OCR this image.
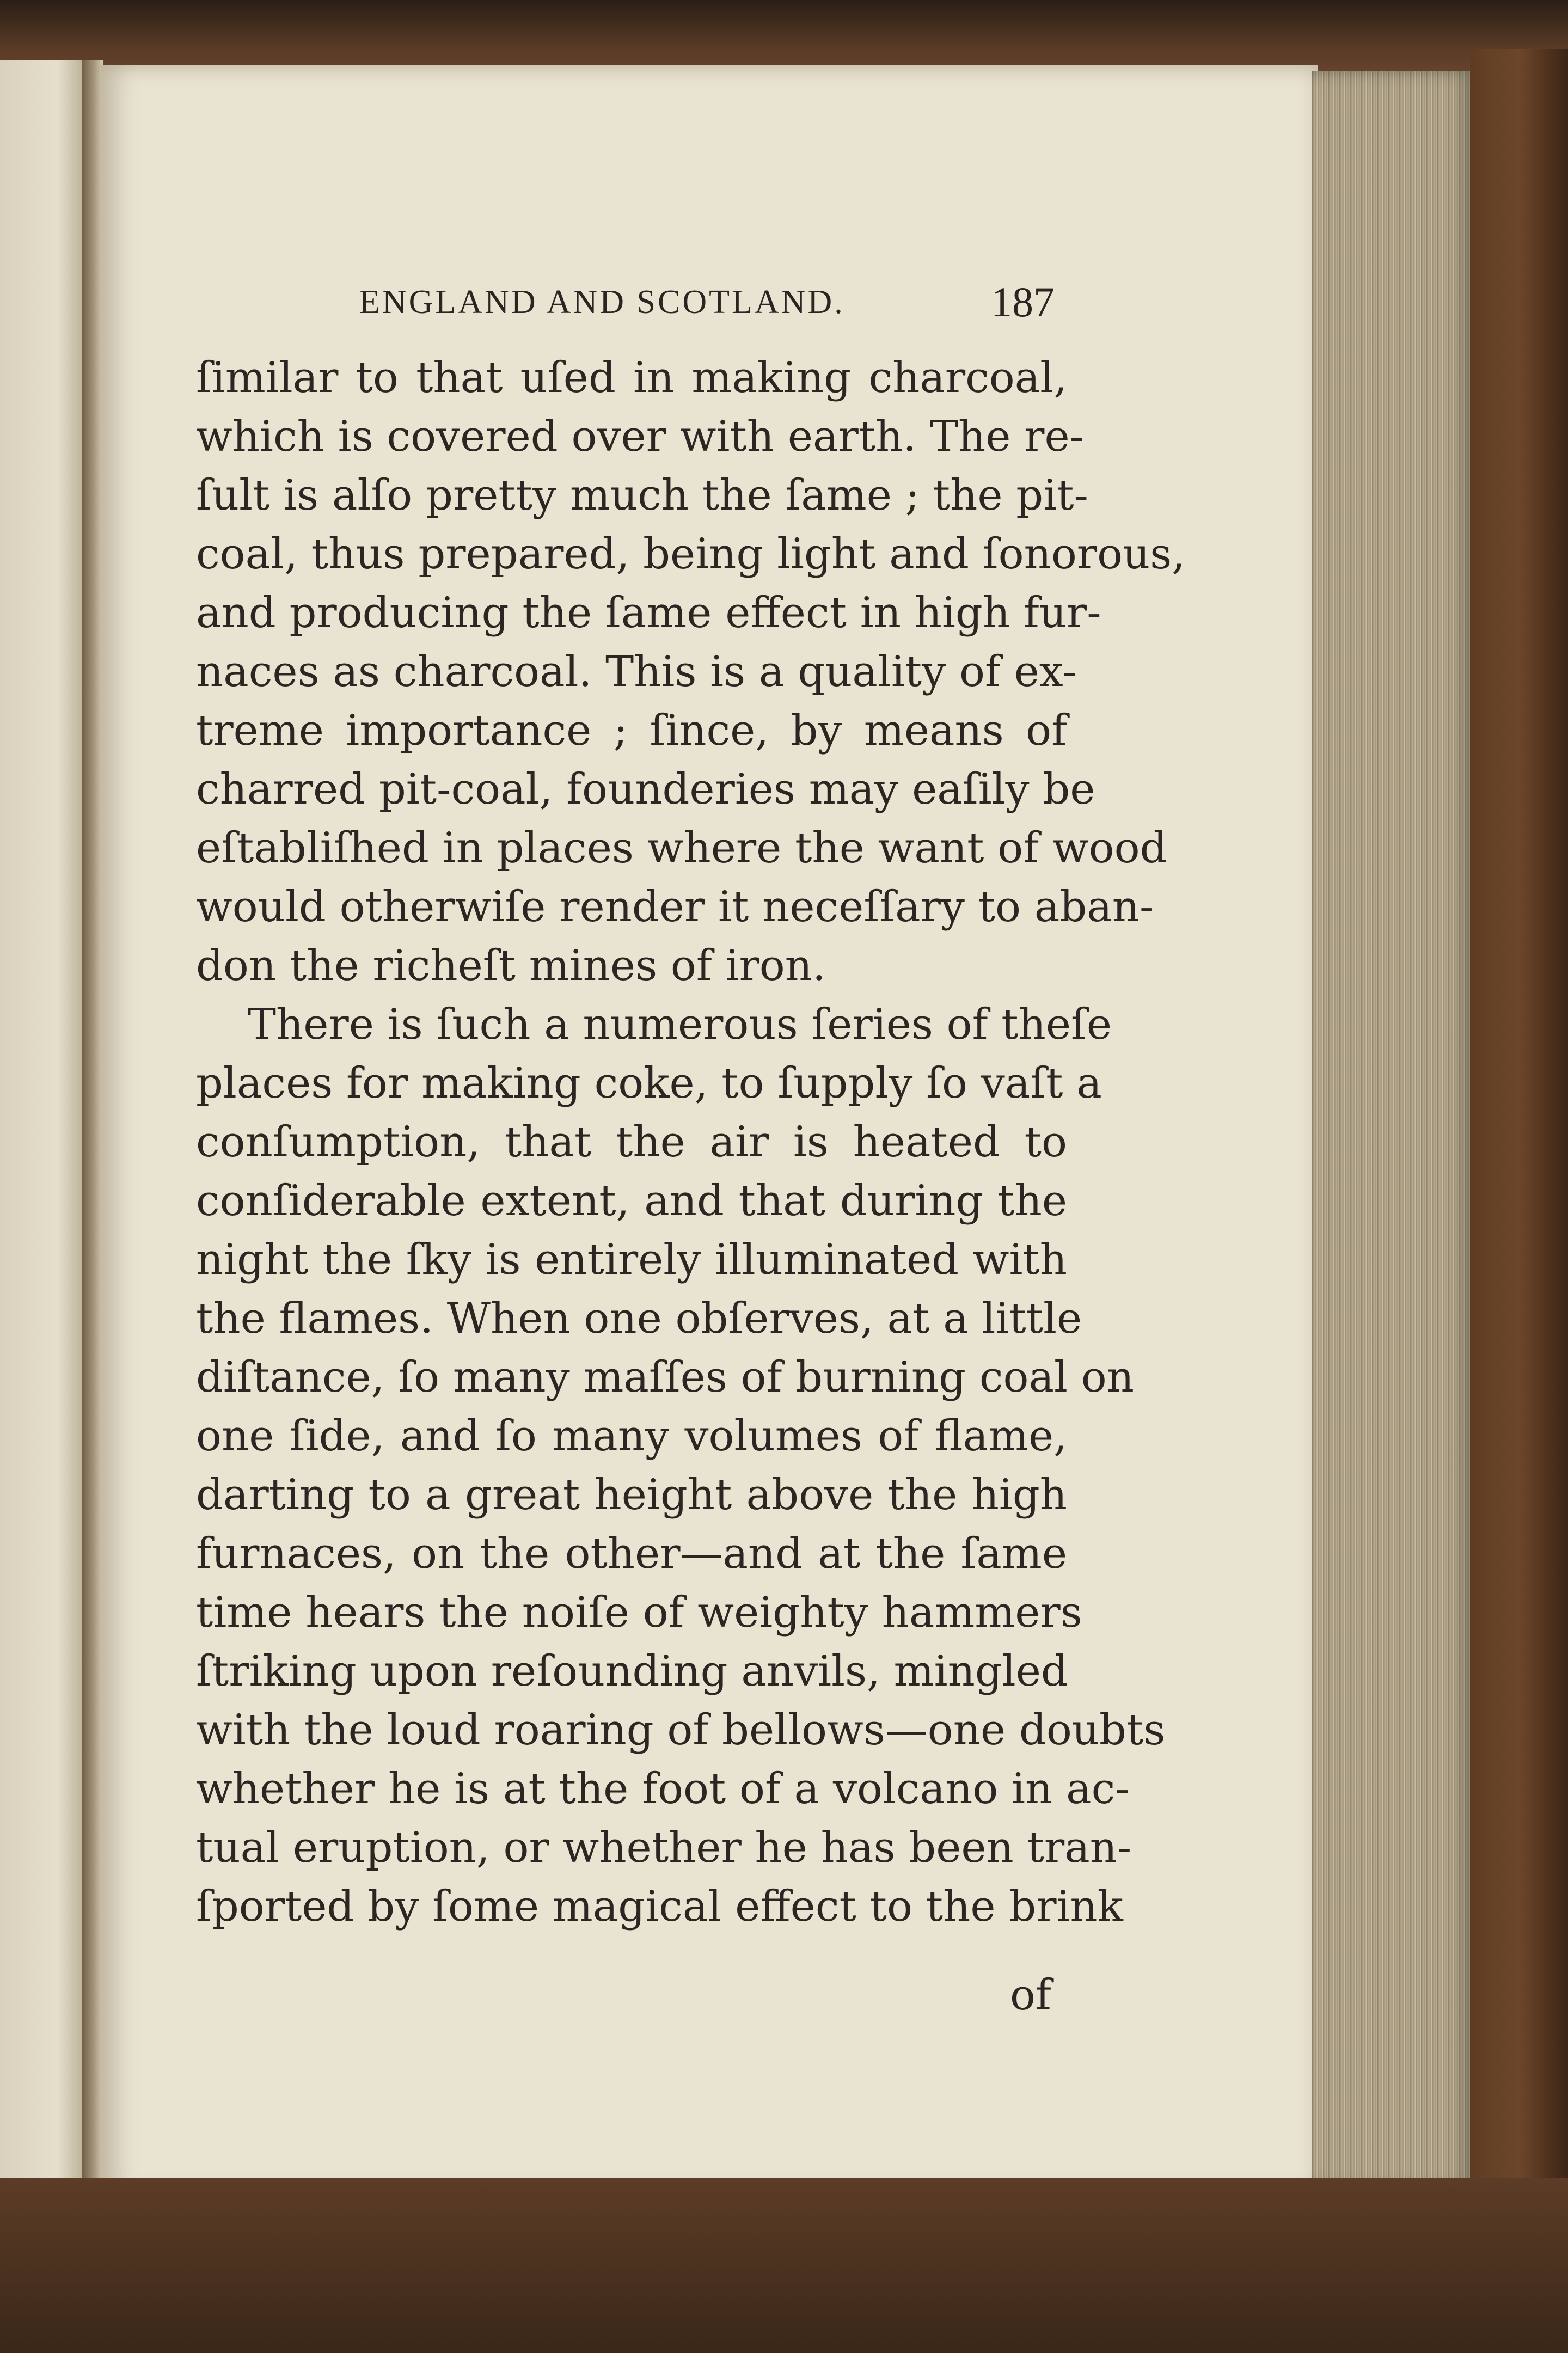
ENGLAND AND SCOTLAND.	187
ſimilar to that uſed in making charcoal,
which is covered over with earth. The re-
ſult is alſo pretty much the ſame ; the pit-
coal, thus prepared, being light and ſonorous,
and producing the ſame effect in high fur-
naces as charcoal. This is a quality of ex-
treme importance ; ſince, by means of
charred pit-coal, founderies may eaſily be
eſtabliſhed in places where the want of wood
would otherwiſe render it neceſſary to aban-
don the richeſt mines of iron.
There is ſuch a numerous ſeries of theſe
places for making coke, to ſupply ſo vaſt a
conſumption, that the air is heated to
conſiderable extent, and that during the
night the ſky is entirely illuminated with
the flames. When one obſerves, at a little
diſtance, ſo many maſſes of burning coal on
one ſide, and ſo many volumes of flame,
darting to a great height above the high
furnaces, on the other—and at the ſame
time hears the noiſe of weighty hammers
ſtriking upon reſounding anvils, mingled
with the loud roaring of bellows—one doubts
whether he is at the foot of a volcano in ac-
tual eruption, or whether he has been tran-
ſported by ſome magical effect to the brink
of
